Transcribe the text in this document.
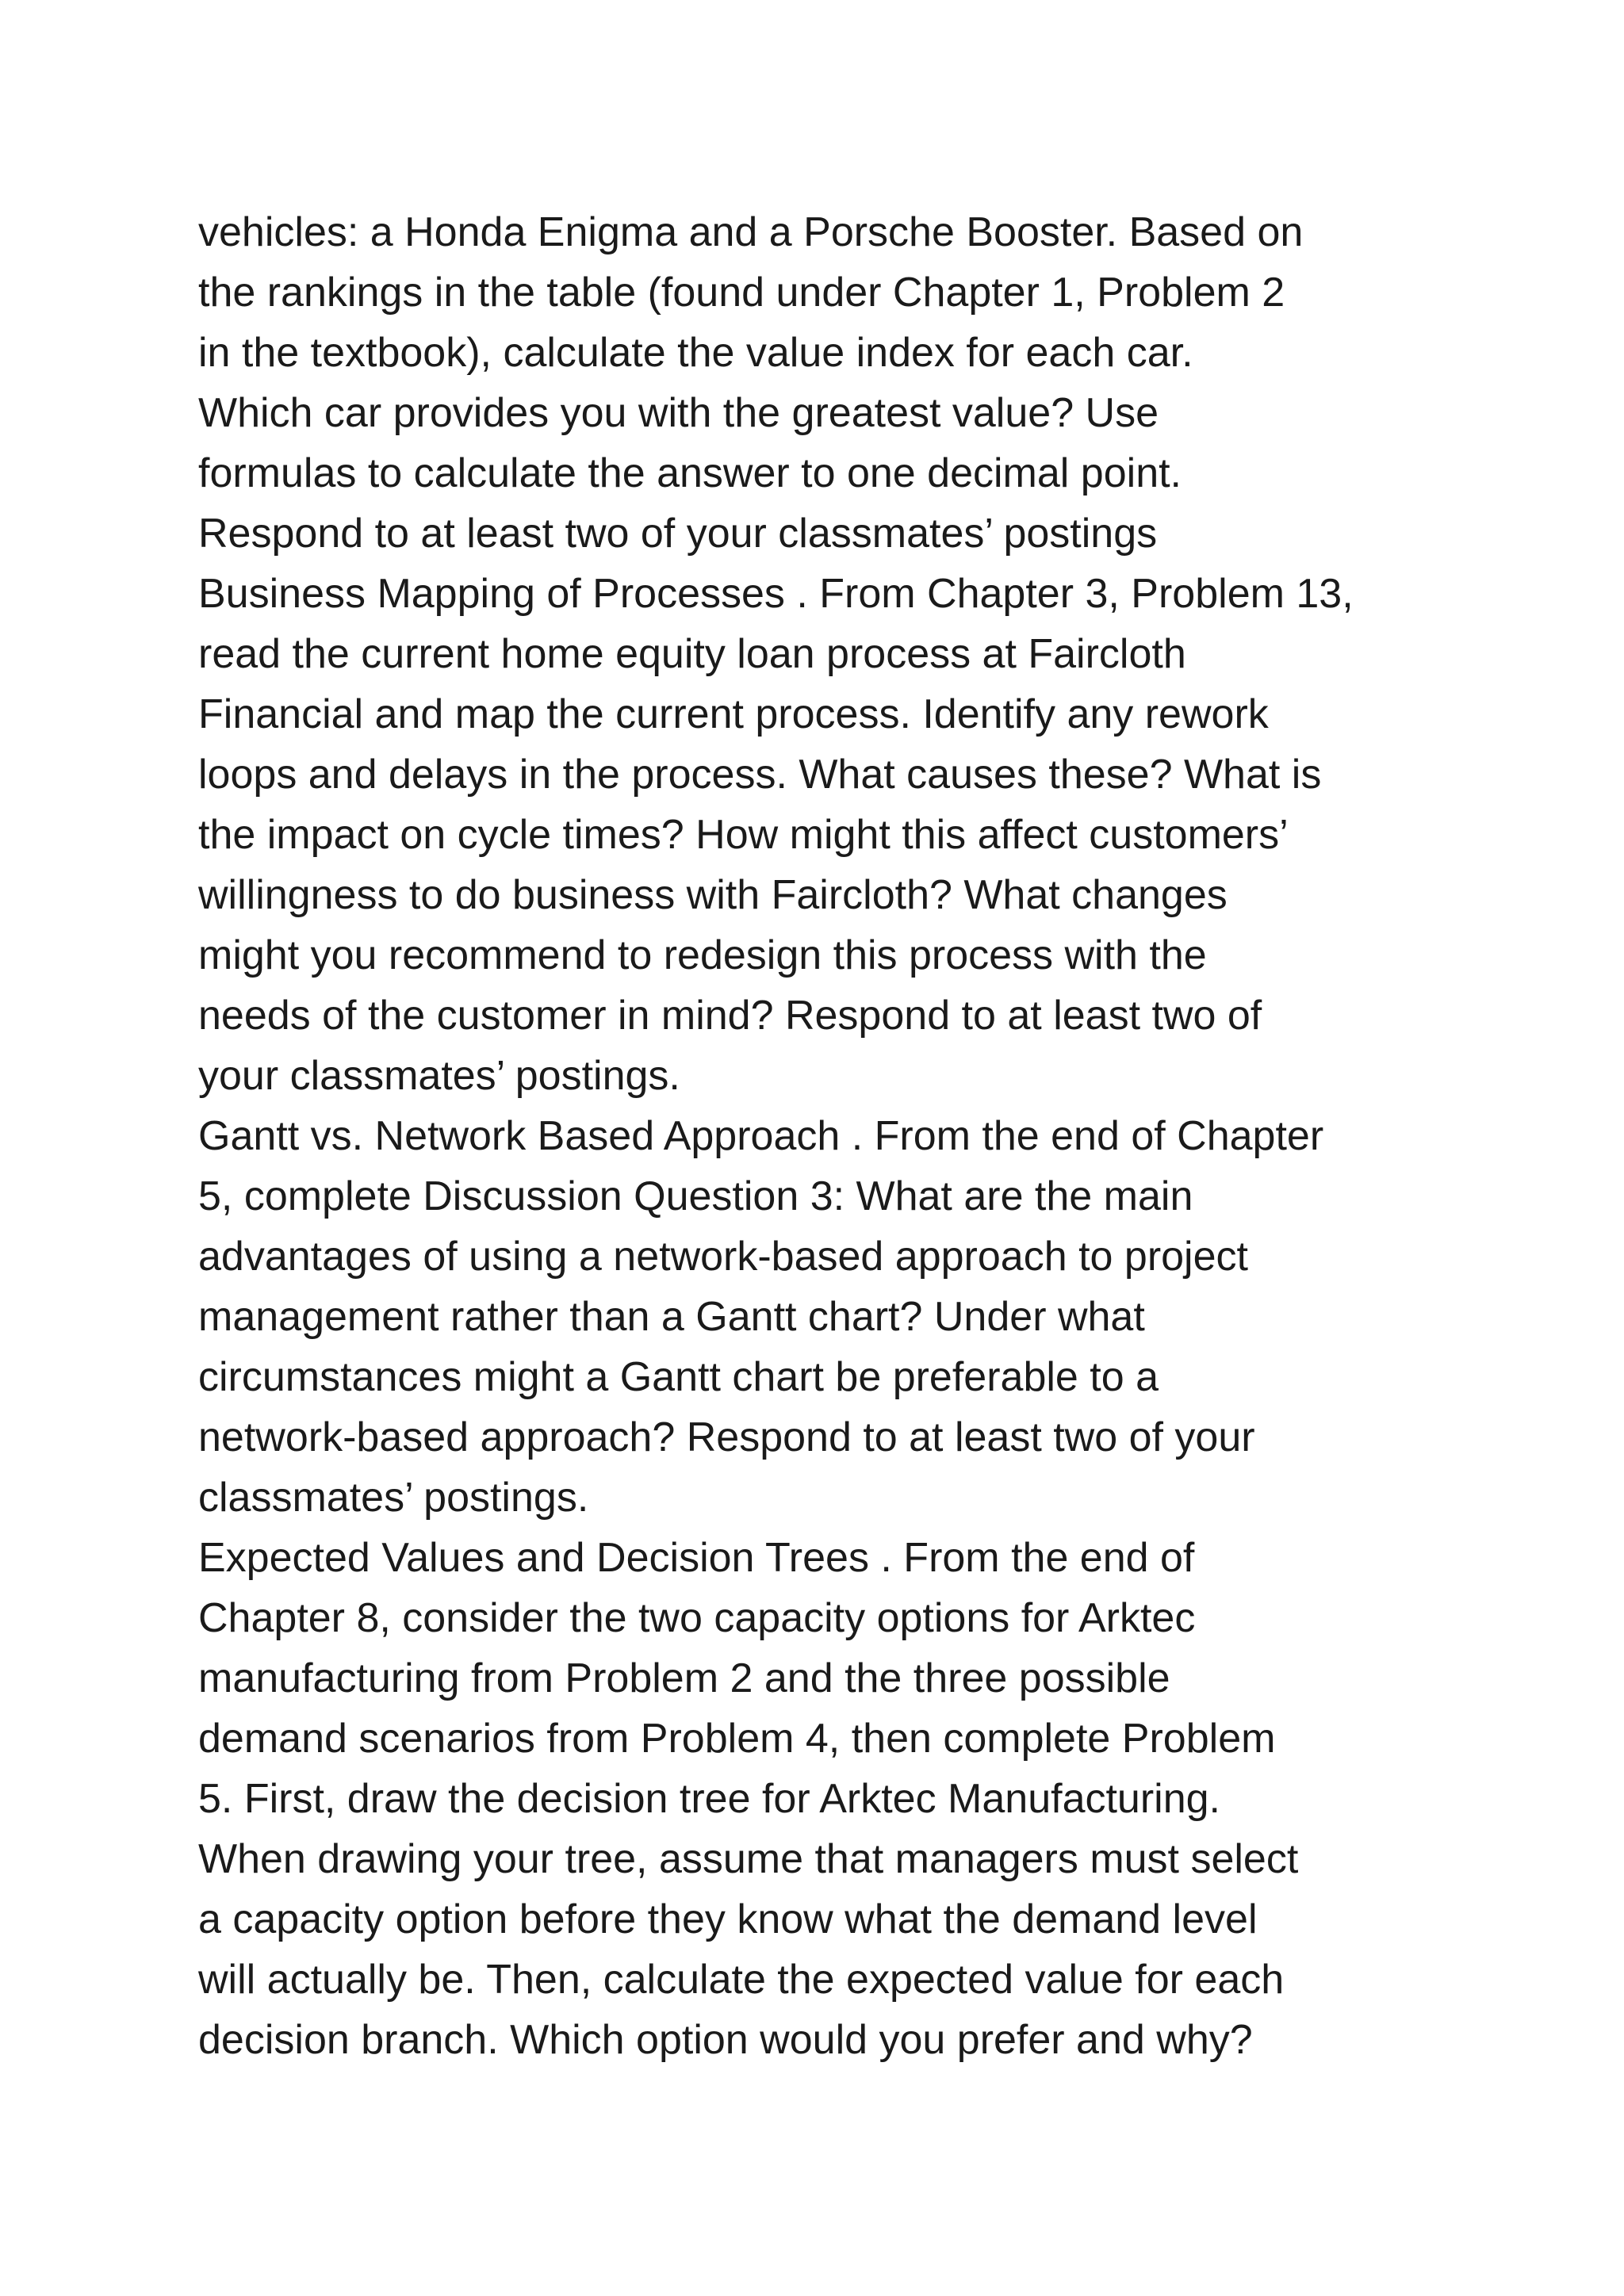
vehicles: a Honda Enigma and a Porsche Booster. Based on
the rankings in the table (found under Chapter 1, Problem 2
in the textbook), calculate the value index for each car.
Which car provides you with the greatest value? Use
formulas to calculate the answer to one decimal point.
Respond to at least two of your classmates’ postings
Business Mapping of Processes . From Chapter 3, Problem 13,
read the current home equity loan process at Faircloth
Financial and map the current process. Identify any rework
loops and delays in the process. What causes these? What is
the impact on cycle times? How might this affect customers’
willingness to do business with Faircloth? What changes
might you recommend to redesign this process with the
needs of the customer in mind? Respond to at least two of
your classmates’ postings.
Gantt vs. Network Based Approach . From the end of Chapter
5, complete Discussion Question 3: What are the main
advantages of using a network-based approach to project
management rather than a Gantt chart? Under what
circumstances might a Gantt chart be preferable to a
network-based approach? Respond to at least two of your
classmates’ postings.
Expected Values and Decision Trees . From the end of
Chapter 8, consider the two capacity options for Arktec
manufacturing from Problem 2 and the three possible
demand scenarios from Problem 4, then complete Problem
5. First, draw the decision tree for Arktec Manufacturing.
When drawing your tree, assume that managers must select
a capacity option before they know what the demand level
will actually be. Then, calculate the expected value for each
decision branch. Which option would you prefer and why?
